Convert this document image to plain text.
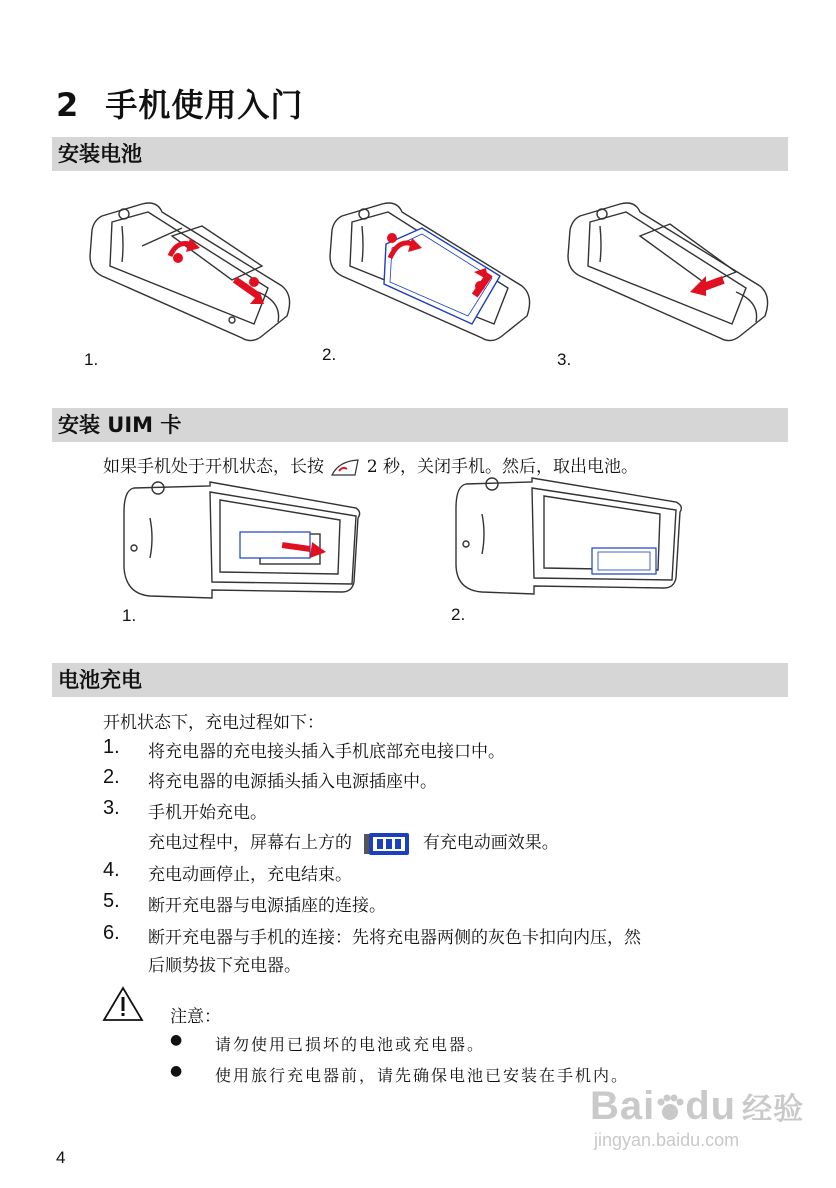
2 手机使用入门
安装电池
1.	2.	3.
安装 UIM 卡
如果手机处于开机状态，长按	2 秒，关闭手机。然后，取出电池。
1.	2.
电池充电
开机状态下，充电过程如下：
1. 将充电器的充电接头插入手机底部充电接口中。
2. 将充电器的电源插头插入电源插座中。
3. 手机开始充电。
充电过程中，屏幕右上方的	有充电动画效果。
4. 充电动画停止，充电结束。
5. 断开充电器与电源插座的连接。
6. 断开充电器与手机的连接：先将充电器两侧的灰色卡扣向内压，然
后顺势拔下充电器。
注意：
● 请勿使用已损坏的电池或充电器。
● 使用旅行充电器前，请先确保电池已安装在手机内。
4
Bai du 经验
jingyan.baidu.com
